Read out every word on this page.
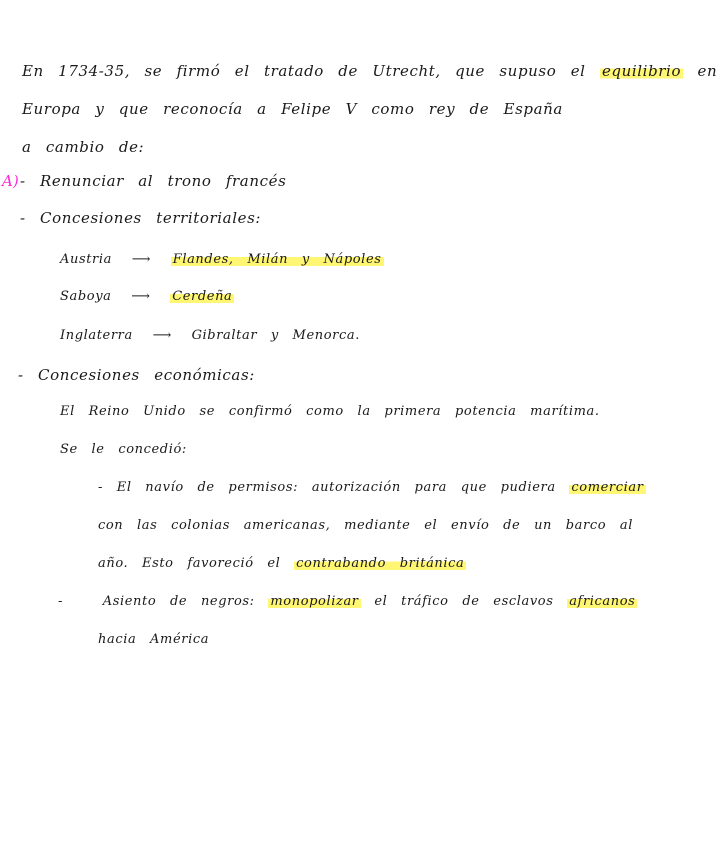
En 1734-35, se firmó el tratado de Utrecht, que supuso el equilibrio en
Europa y que reconocía a Felipe V como rey de España
a cambio de:
A) - Renunciar al trono francés
- Concesiones territoriales:
Austria ⟶ Flandes, Milán y Nápoles
Saboya ⟶ Cerdeña
Inglaterra ⟶ Gibraltar y Menorca.
- Concesiones económicas:
El Reino Unido se confirmó como la primera potencia marítima.
Se le concedió:
- El navío de permisos: autorización para que pudiera comerciar
con las colonias americanas, mediante el envío de un barco al
año. Esto favoreció el contrabando británica
-	Asiento de negros: monopolizar el tráfico de esclavos africanos
hacia América
